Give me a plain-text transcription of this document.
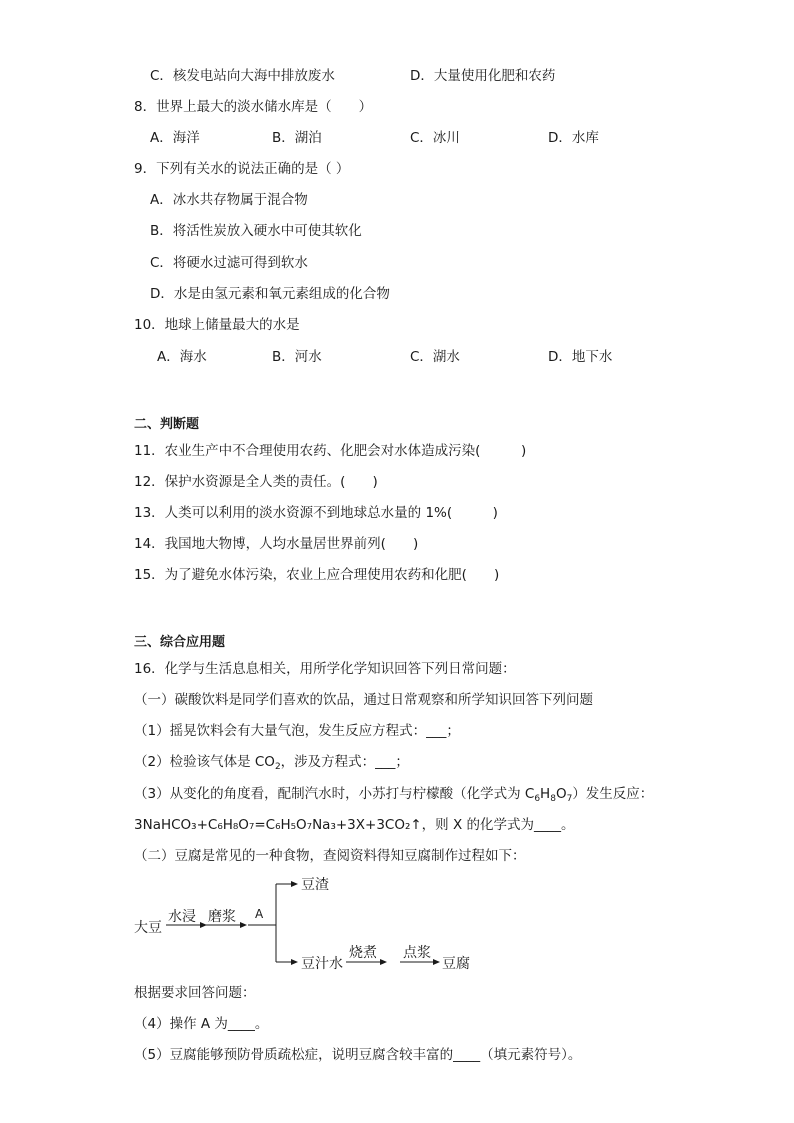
C．核发电站向大海中排放废水	D．大量使用化肥和农药
8．世界上最大的淡水储水库是（　　）
A．海洋	B．湖泊	C．冰川	D．水库
9．下列有关水的说法正确的是（ ）
A．冰水共存物属于混合物
B．将活性炭放入硬水中可使其软化
C．将硬水过滤可得到软水
D．水是由氢元素和氧元素组成的化合物
10．地球上储量最大的水是
A．海水	B．河水	C．湖水	D．地下水
二、判断题
11．农业生产中不合理使用农药、化肥会对水体造成污染(　　　)
12．保护水资源是全人类的责任。(　　)
13．人类可以利用的淡水资源不到地球总水量的 1%(　　　)
14．我国地大物博，人均水量居世界前列(　　)
15．为了避免水体污染，农业上应合理使用农药和化肥(　　)
三、综合应用题
16．化学与生活息息相关，用所学化学知识回答下列日常问题：
（一）碳酸饮料是同学们喜欢的饮品，通过日常观察和所学知识回答下列问题
（1）摇晃饮料会有大量气泡，发生反应方程式：___；
（2）检验该气体是 $CO_2$，涉及方程式：___；
（3）从变化的角度看，配制汽水时，小苏打与柠檬酸（化学式为 $C_6H_8O_7$）发生反应：
3NaHCO₃+C₆H₈O₇=C₆H₅O₇Na₃+3X+3CO₂↑，则 X 的化学式为____。
（二）豆腐是常见的一种食物，查阅资料得知豆腐制作过程如下：
大豆
水浸 磨浆 A
豆渣
豆汁水
烧煮 点浆
豆腐
根据要求回答问题：
（4）操作 A 为____。
（5）豆腐能够预防骨质疏松症，说明豆腐含较丰富的____（填元素符号）。
